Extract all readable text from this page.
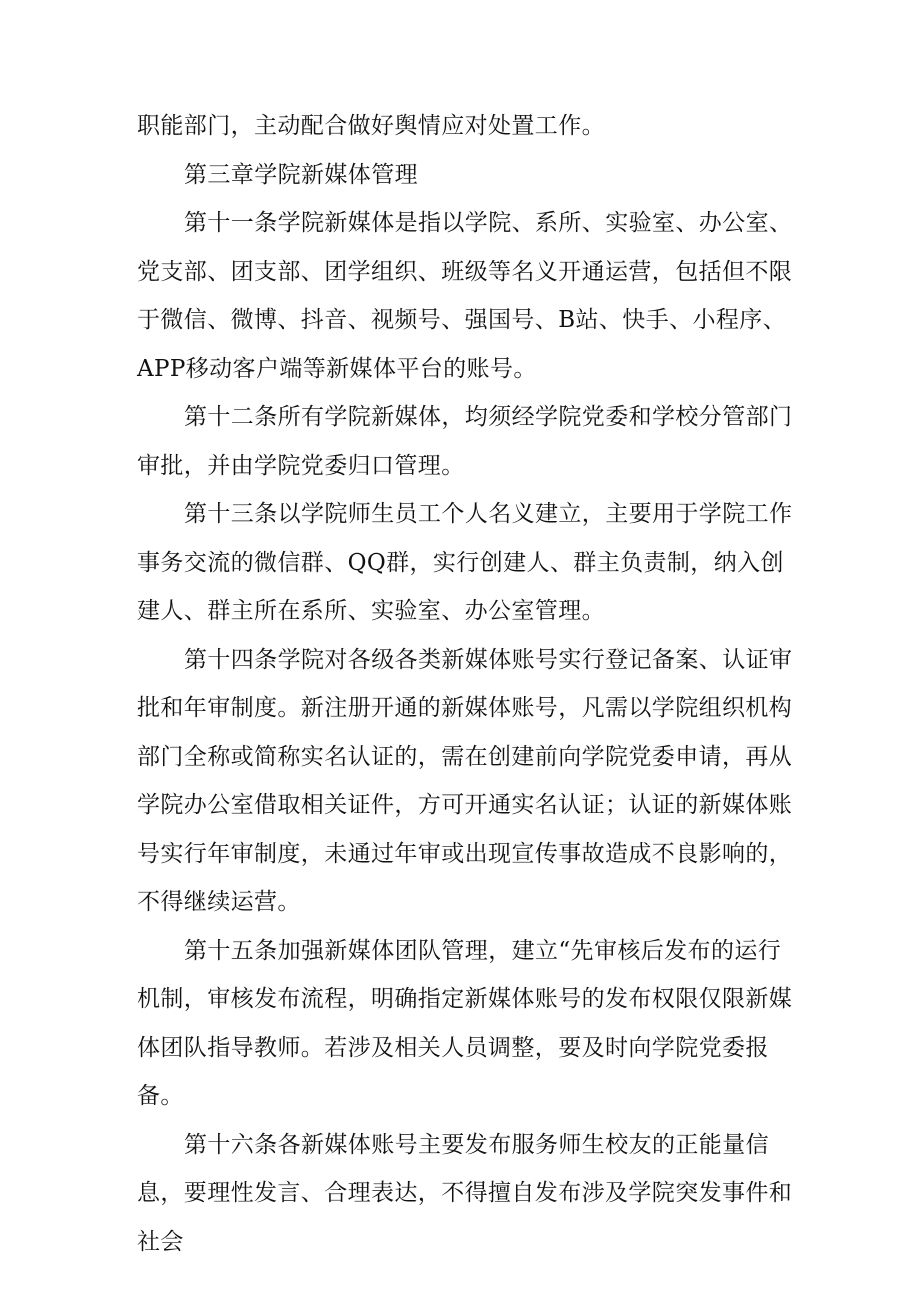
职能部门，主动配合做好舆情应对处置工作。

第三章学院新媒体管理

第十一条学院新媒体是指以学院、系所、实验室、办公室、党支部、团支部、团学组织、班级等名义开通运营，包括但不限于微信、微博、抖音、视频号、强国号、B站、快手、小程序、APP移动客户端等新媒体平台的账号。

第十二条所有学院新媒体，均须经学院党委和学校分管部门审批，并由学院党委归口管理。

第十三条以学院师生员工个人名义建立，主要用于学院工作事务交流的微信群、QQ群，实行创建人、群主负责制，纳入创建人、群主所在系所、实验室、办公室管理。

第十四条学院对各级各类新媒体账号实行登记备案、认证审批和年审制度。新注册开通的新媒体账号，凡需以学院组织机构部门全称或简称实名认证的，需在创建前向学院党委申请，再从学院办公室借取相关证件，方可开通实名认证；认证的新媒体账号实行年审制度，未通过年审或出现宣传事故造成不良影响的，不得继续运营。

第十五条加强新媒体团队管理，建立“先审核后发布的运行机制，审核发布流程，明确指定新媒体账号的发布权限仅限新媒体团队指导教师。若涉及相关人员调整，要及时向学院党委报备。

第十六条各新媒体账号主要发布服务师生校友的正能量信息，要理性发言、合理表达，不得擅自发布涉及学院突发事件和社会
